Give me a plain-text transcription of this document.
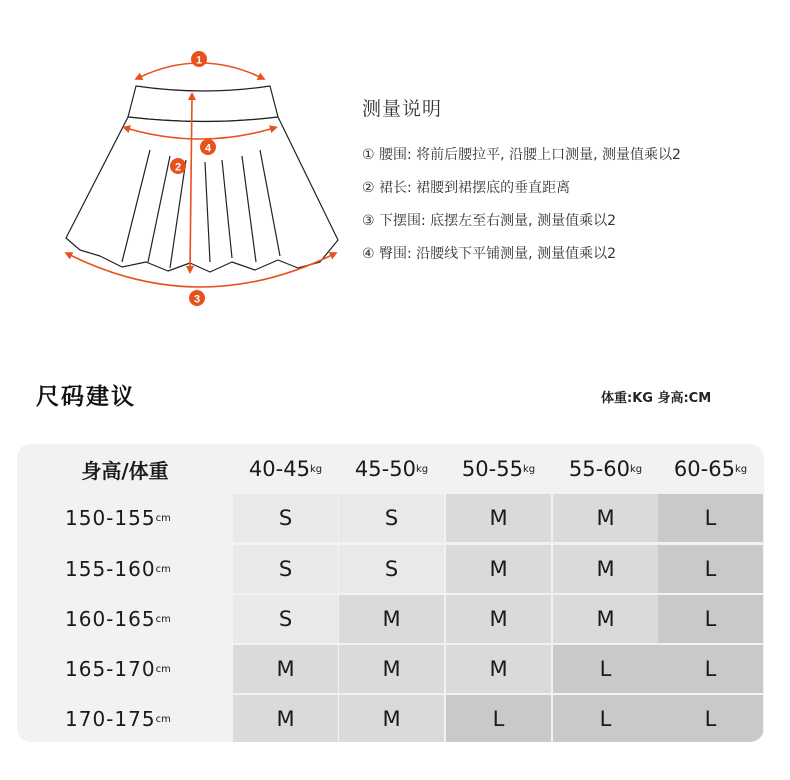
1
4
2
3
测量说明
① 腰围: 将前后腰拉平, 沿腰上口测量, 测量值乘以2
② 裙长: 裙腰到裙摆底的垂直距离
③ 下摆围: 底摆左至右测量, 测量值乘以2
④ 臀围: 沿腰线下平铺测量, 测量值乘以2
尺码建议	体重:KG 身高:CM
身高/体重	40-45 kg 45-50 kg 50-55 kg 55-60 kg 60-65 kg
150-155 cm	S	S	M	M	L
155-160 cm	S	S	M	M	L
160-165 cm	S	M	M	M	L
165-170 cm	M	M	M	L	L
170-175 cm	M	M	L	L	L
